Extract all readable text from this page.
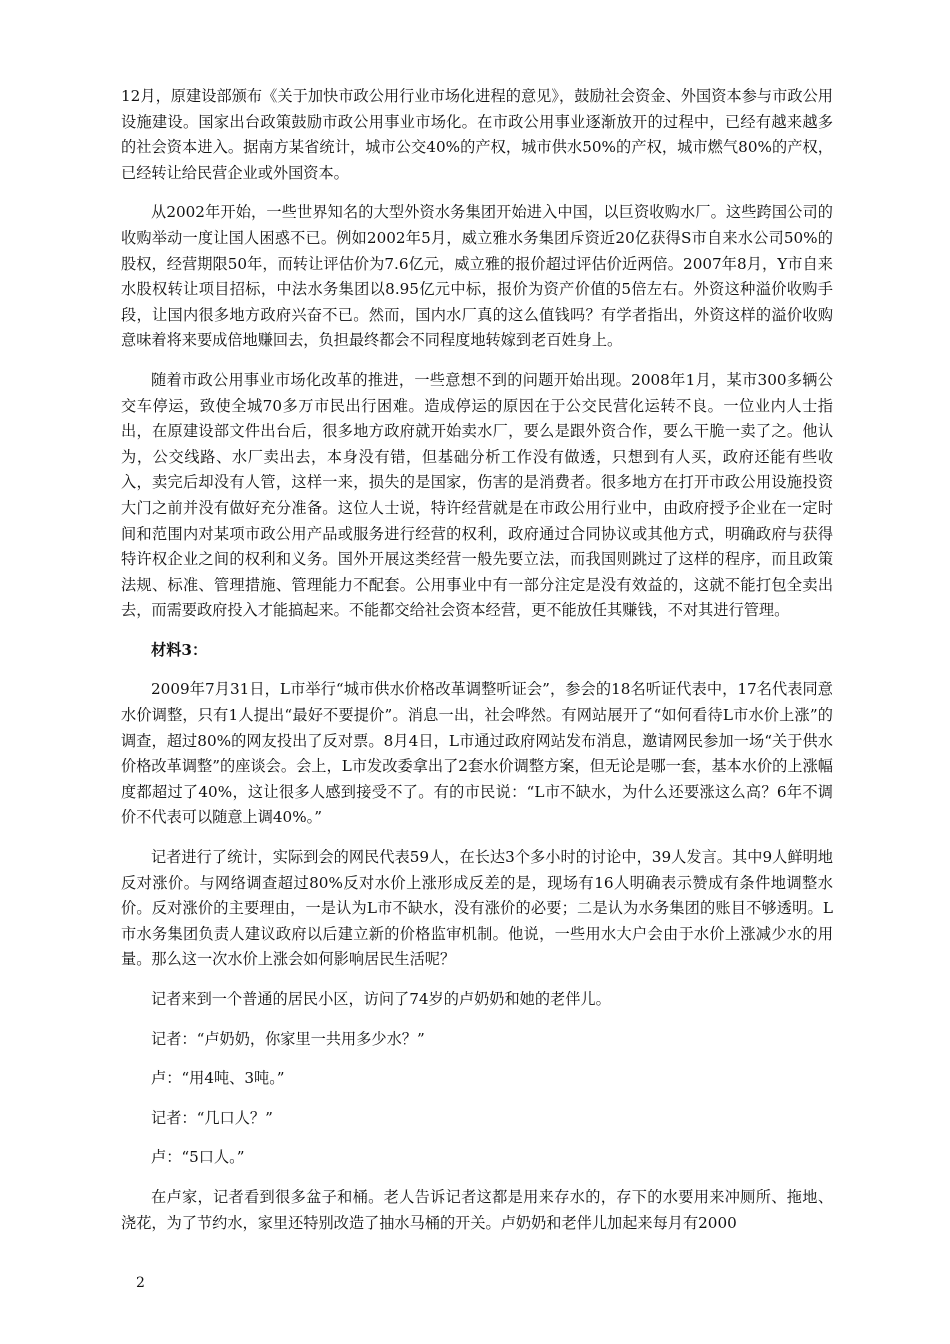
12月，原建设部颁布《关于加快市政公用行业市场化进程的意见》，鼓励社会资金、外国资本参与市政公用设施建设。国家出台政策鼓励市政公用事业市场化。在市政公用事业逐渐放开的过程中，已经有越来越多的社会资本进入。据南方某省统计，城市公交40%的产权，城市供水50%的产权，城市燃气80%的产权，已经转让给民营企业或外国资本。

从2002年开始，一些世界知名的大型外资水务集团开始进入中国，以巨资收购水厂。这些跨国公司的收购举动一度让国人困惑不已。例如2002年5月，威立雅水务集团斥资近20亿获得S市自来水公司50%的股权，经营期限50年，而转让评估价为7.6亿元，威立雅的报价超过评估价近两倍。2007年8月，Y市自来水股权转让项目招标，中法水务集团以8.95亿元中标，报价为资产价值的5倍左右。外资这种溢价收购手段，让国内很多地方政府兴奋不已。然而，国内水厂真的这么值钱吗？有学者指出，外资这样的溢价收购意味着将来要成倍地赚回去，负担最终都会不同程度地转嫁到老百姓身上。

随着市政公用事业市场化改革的推进，一些意想不到的问题开始出现。2008年1月，某市300多辆公交车停运，致使全城70多万市民出行困难。造成停运的原因在于公交民营化运转不良。一位业内人士指出，在原建设部文件出台后，很多地方政府就开始卖水厂，要么是跟外资合作，要么干脆一卖了之。他认为，公交线路、水厂卖出去，本身没有错，但基础分析工作没有做透，只想到有人买，政府还能有些收入，卖完后却没有人管，这样一来，损失的是国家，伤害的是消费者。很多地方在打开市政公用设施投资大门之前并没有做好充分准备。这位人士说，特许经营就是在市政公用行业中，由政府授予企业在一定时间和范围内对某项市政公用产品或服务进行经营的权利，政府通过合同协议或其他方式，明确政府与获得特许权企业之间的权利和义务。国外开展这类经营一般先要立法，而我国则跳过了这样的程序，而且政策法规、标准、管理措施、管理能力不配套。公用事业中有一部分注定是没有效益的，这就不能打包全卖出去，而需要政府投入才能搞起来。不能都交给社会资本经营，更不能放任其赚钱，不对其进行管理。

材料3：

2009年7月31日，L市举行“城市供水价格改革调整听证会”，参会的18名听证代表中，17名代表同意水价调整，只有1人提出“最好不要提价”。消息一出，社会哗然。有网站展开了“如何看待L市水价上涨”的调查，超过80%的网友投出了反对票。8月4日，L市通过政府网站发布消息，邀请网民参加一场“关于供水价格改革调整”的座谈会。会上，L市发改委拿出了2套水价调整方案，但无论是哪一套，基本水价的上涨幅度都超过了40%，这让很多人感到接受不了。有的市民说：“L市不缺水，为什么还要涨这么高？6年不调价不代表可以随意上调40%。”

记者进行了统计，实际到会的网民代表59人，在长达3个多小时的讨论中，39人发言。其中9人鲜明地反对涨价。与网络调查超过80%反对水价上涨形成反差的是，现场有16人明确表示赞成有条件地调整水价。反对涨价的主要理由，一是认为L市不缺水，没有涨价的必要；二是认为水务集团的账目不够透明。L市水务集团负责人建议政府以后建立新的价格监审机制。他说，一些用水大户会由于水价上涨减少水的用量。那么这一次水价上涨会如何影响居民生活呢？

记者来到一个普通的居民小区，访问了74岁的卢奶奶和她的老伴儿。

记者：“卢奶奶，你家里一共用多少水？”

卢：“用4吨、3吨。”

记者：“几口人？”

卢：“5口人。”

在卢家，记者看到很多盆子和桶。老人告诉记者这都是用来存水的，存下的水要用来冲厕所、拖地、浇花，为了节约水，家里还特别改造了抽水马桶的开关。卢奶奶和老伴儿加起来每月有2000

2
